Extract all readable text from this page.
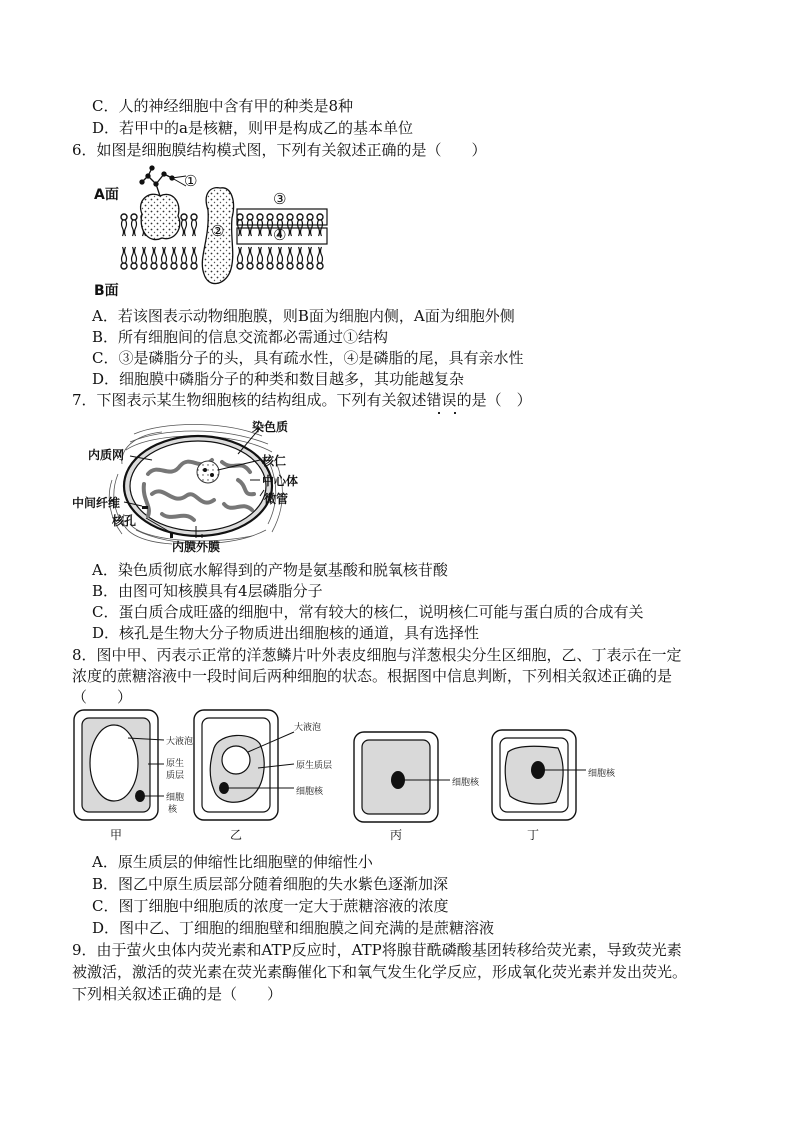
C．人的神经细胞中含有甲的种类是8种
D．若甲中的a是核糖，则甲是构成乙的基本单位
6．如图是细胞膜结构模式图，下列有关叙述正确的是（　　）
A面
B面
①
②
③
④
A．若该图表示动物细胞膜，则B面为细胞内侧，A面为细胞外侧
B．所有细胞间的信息交流都必需通过①结构
C．③是磷脂分子的头，具有疏水性，④是磷脂的尾，具有亲水性
D．细胞膜中磷脂分子的种类和数目越多，其功能越复杂
7．下图表示某生物细胞核的结构组成。下列有关叙述错误的是（　）
内质网
染色质
核仁
中心体
微管
中间纤维
核孔
内膜外膜
A．染色质彻底水解得到的产物是氨基酸和脱氧核苷酸
B．由图可知核膜具有4层磷脂分子
C．蛋白质合成旺盛的细胞中，常有较大的核仁，说明核仁可能与蛋白质的合成有关
D．核孔是生物大分子物质进出细胞核的通道，具有选择性
8．图中甲、丙表示正常的洋葱鳞片叶外表皮细胞与洋葱根尖分生区细胞，乙、丁表示在一定
浓度的蔗糖溶液中一段时间后两种细胞的状态。根据图中信息判断，下列相关叙述正确的是
（　　）
大液泡
原生
质层
细胞
核
大液泡
原生质层
细胞核
细胞核
细胞核
甲	乙	丙	丁
A．原生质层的伸缩性比细胞壁的伸缩性小
B．图乙中原生质层部分随着细胞的失水紫色逐渐加深
C．图丁细胞中细胞质的浓度一定大于蔗糖溶液的浓度
D．图中乙、丁细胞的细胞壁和细胞膜之间充满的是蔗糖溶液
9．由于萤火虫体内荧光素和ATP反应时，ATP将腺苷酰磷酸基团转移给荧光素，导致荧光素
被激活，激活的荧光素在荧光素酶催化下和氧气发生化学反应，形成氧化荧光素并发出荧光。
下列相关叙述正确的是（　　）
